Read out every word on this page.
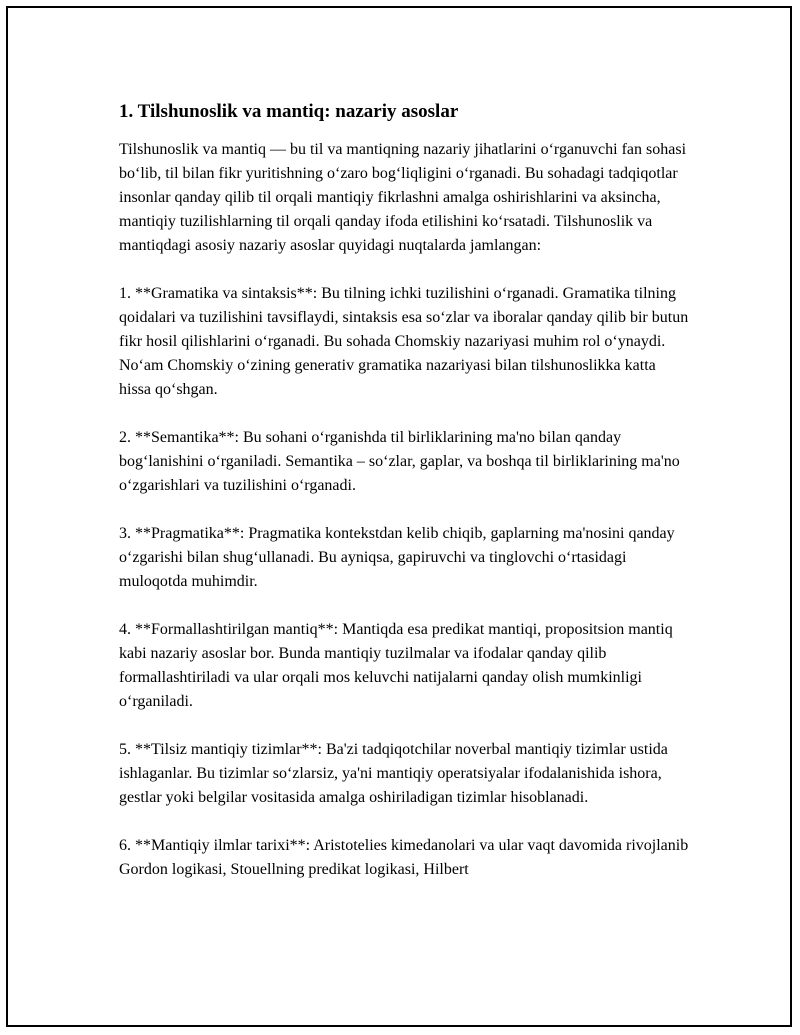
1. Tilshunoslik va mantiq: nazariy asoslar

Tilshunoslik va mantiq — bu til va mantiqning nazariy jihatlarini o‘rganuvchi fan sohasi bo‘lib, til bilan fikr yuritishning o‘zaro bog‘liqligini o‘rganadi. Bu sohadagi tadqiqotlar insonlar qanday qilib til orqali mantiqiy fikrlashni amalga oshirishlarini va aksincha, mantiqiy tuzilishlarning til orqali qanday ifoda etilishini ko‘rsatadi. Tilshunoslik va mantiqdagi asosiy nazariy asoslar quyidagi nuqtalarda jamlangan:

1. **Gramatika va sintaksis**: Bu tilning ichki tuzilishini o‘rganadi. Gramatika tilning qoidalari va tuzilishini tavsiflaydi, sintaksis esa so‘zlar va iboralar qanday qilib bir butun fikr hosil qilishlarini o‘rganadi. Bu sohada Chomskiy nazariyasi muhim rol o‘ynaydi. No‘am Chomskiy o‘zining generativ gramatika nazariyasi bilan tilshunoslikka katta hissa qo‘shgan.

2. **Semantika**: Bu sohani o‘rganishda til birliklarining ma'no bilan qanday bog‘lanishini o‘rganiladi. Semantika – so‘zlar, gaplar, va boshqa til birliklarining ma'no o‘zgarishlari va tuzilishini o‘rganadi.

3. **Pragmatika**: Pragmatika kontekstdan kelib chiqib, gaplarning ma'nosini qanday o‘zgarishi bilan shug‘ullanadi. Bu ayniqsa, gapiruvchi va tinglovchi o‘rtasidagi muloqotda muhimdir.

4. **Formallashtirilgan mantiq**: Mantiqda esa predikat mantiqi, propositsion mantiq kabi nazariy asoslar bor. Bunda mantiqiy tuzilmalar va ifodalar qanday qilib formallashtiriladi va ular orqali mos keluvchi natijalarni qanday olish mumkinligi o‘rganiladi.

5. **Tilsiz mantiqiy tizimlar**: Ba'zi tadqiqotchilar noverbal mantiqiy tizimlar ustida ishlaganlar. Bu tizimlar so‘zlarsiz, ya'ni mantiqiy operatsiyalar ifodalanishida ishora, gestlar yoki belgilar vositasida amalga oshiriladigan tizimlar hisoblanadi.

6. **Mantiqiy ilmlar tarixi**: Aristotelies kimedanolari va ular vaqt davomida rivojlanib Gordon logikasi, Stouellning predikat logikasi, Hilbert
